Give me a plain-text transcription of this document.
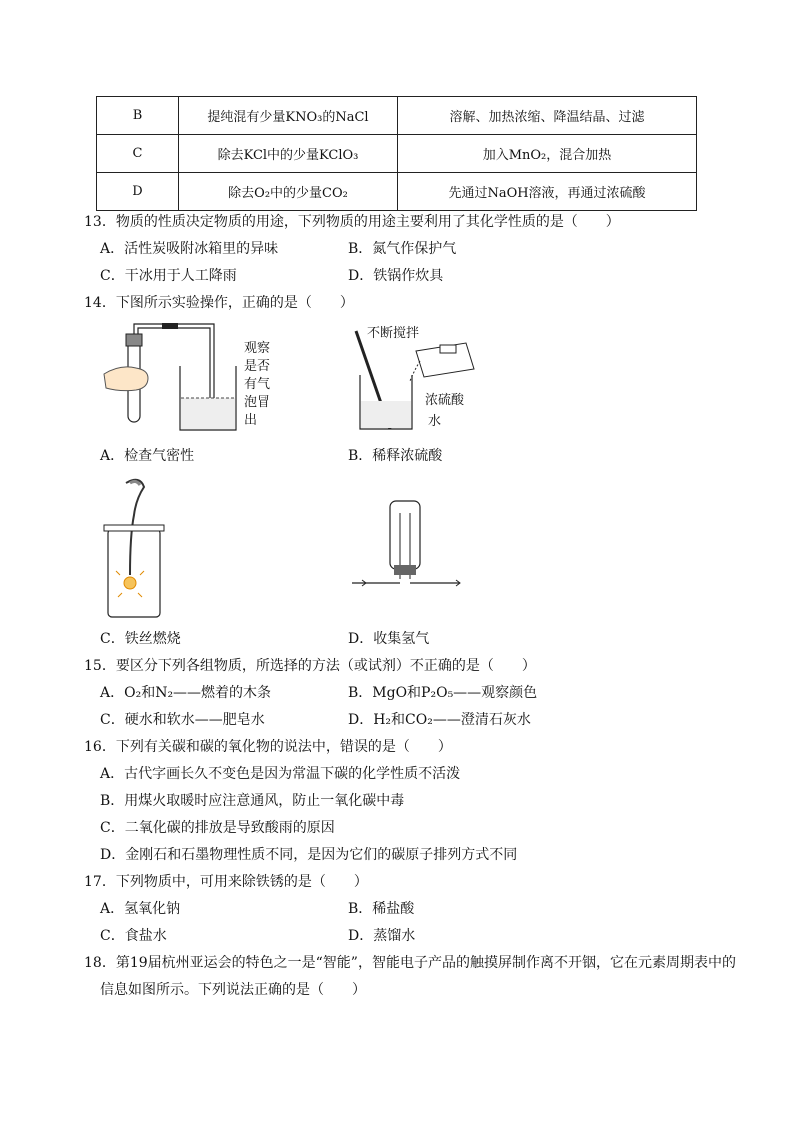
B	提纯混有少量KNO₃的NaCl	溶解、加热浓缩、降温结晶、过滤
C	除去KCl中的少量KClO₃	加入MnO₂，混合加热
D	除去O₂中的少量CO₂	先通过NaOH溶液，再通过浓硫酸
13．物质的性质决定物质的用途，下列物质的用途主要利用了其化学性质的是（　　）
A．活性炭吸附冰箱里的异味	B．氮气作保护气
C．干冰用于人工降雨	D．铁锅作炊具
14．下图所示实验操作，正确的是（　　）
观察是否有气泡冒出
不断搅拌
浓硫酸
水
A．检查气密性	B．稀释浓硫酸
C．铁丝燃烧	D．收集氢气
15．要区分下列各组物质，所选择的方法（或试剂）不正确的是（　　）
A．O₂和N₂——燃着的木条	B．MgO和P₂O₅——观察颜色
C．硬水和软水——肥皂水	D．H₂和CO₂——澄清石灰水
16．下列有关碳和碳的氧化物的说法中，错误的是（　　）
A．古代字画长久不变色是因为常温下碳的化学性质不活泼
B．用煤火取暖时应注意通风，防止一氧化碳中毒
C．二氧化碳的排放是导致酸雨的原因
D．金刚石和石墨物理性质不同，是因为它们的碳原子排列方式不同
17．下列物质中，可用来除铁锈的是（　　）
A．氢氧化钠	B．稀盐酸
C．食盐水	D．蒸馏水
18．第19届杭州亚运会的特色之一是“智能”，智能电子产品的触摸屏制作离不开铟，它在元素周期表中的
信息如图所示。下列说法正确的是（　　）
